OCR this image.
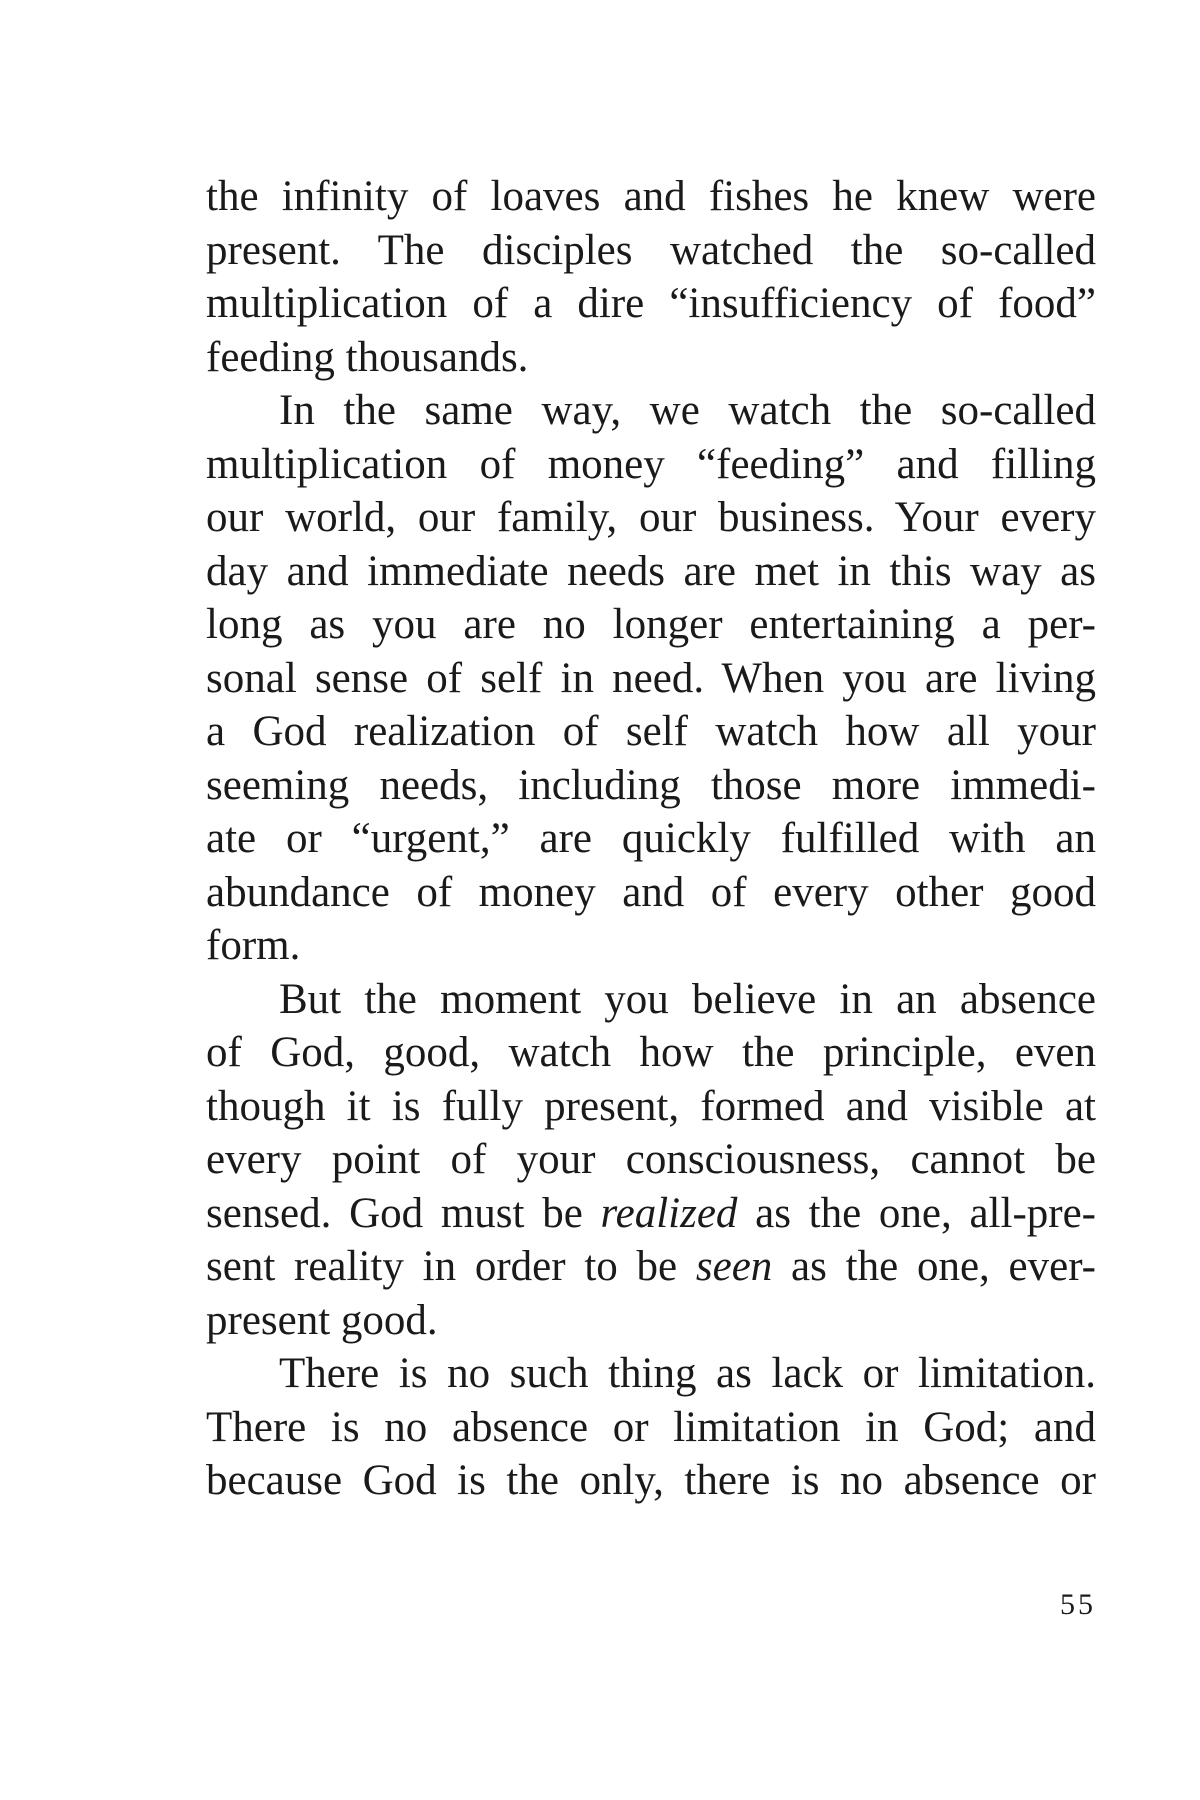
the infinity of loaves and fishes he knew were
present. The disciples watched the so-called
multiplication of a dire “insufficiency of food”
feeding thousands.

In the same way, we watch the so-called
multiplication of money “feeding” and filling
our world, our family, our business. Your every
day and immediate needs are met in this way as
long as you are no longer entertaining a per-
sonal sense of self in need. When you are living
a God realization of self watch how all your
seeming needs, including those more immedi-
ate or “urgent,” are quickly fulfilled with an
abundance of money and of every other good
form.

But the moment you believe in an absence
of God, good, watch how the principle, even
though it is fully present, formed and visible at
every point of your consciousness, cannot be
sensed. God must be realized as the one, all-pre-
sent reality in order to be seen as the one, ever-
present good.

There is no such thing as lack or limitation.
There is no absence or limitation in God; and
because God is the only, there is no absence or

55
